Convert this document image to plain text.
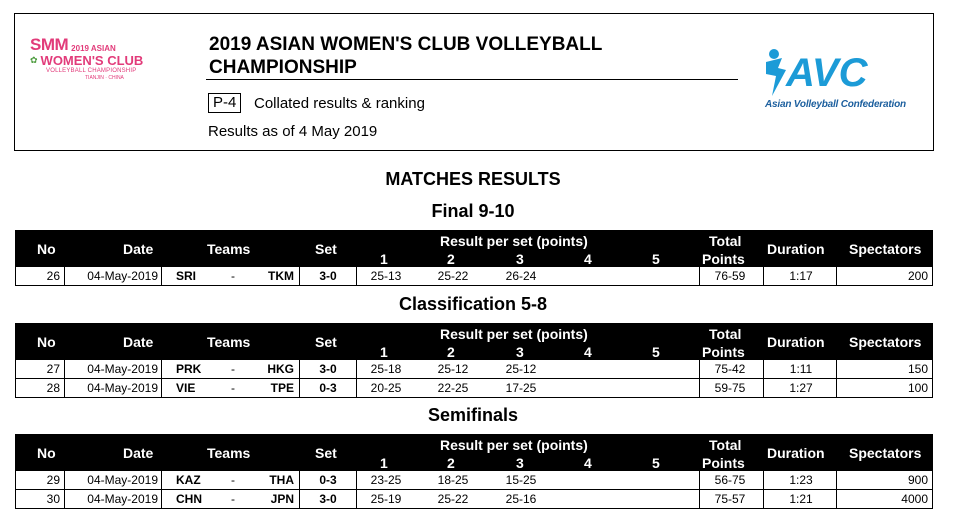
SMM 2019 ASIAN
✿ WOMEN'S CLUB
VOLLEYBALL CHAMPIONSHIP
TIANJIN · CHINA
2019 ASIAN WOMEN'S CLUB VOLLEYBALL
CHAMPIONSHIP
P-4	Collated results & ranking
Results as of 4 May 2019
AVC
Asian Volleyball Confederation
MATCHES RESULTS
Final 9-10
No	Date	Teams	Set	Result per set (points)
1	2	3	4	5
Total
Points
Duration Spectators
26	04-May-2019 SRI	-	TKM	3-0	25-13	25-22	26-24	76-59	1:17	200
Classification 5-8
No	Date	Teams	Set	Result per set (points)
1	2	3	4	5
Total
Points
Duration Spectators
27	04-May-2019 PRK	-	HKG	3-0	25-18	25-12	25-12	75-42	1:11	150
28	04-May-2019 VIE	-	TPE	0-3	20-25	22-25	17-25	59-75	1:27	100
Semifinals
No	Date	Teams	Set	Result per set (points)
1	2	3	4	5
Total
Points
Duration Spectators
29	04-May-2019 KAZ	-	THA	0-3	23-25	18-25	15-25	56-75	1:23	900
30	04-May-2019 CHN	-	JPN	3-0	25-19	25-22	25-16	75-57	1:21	4000
